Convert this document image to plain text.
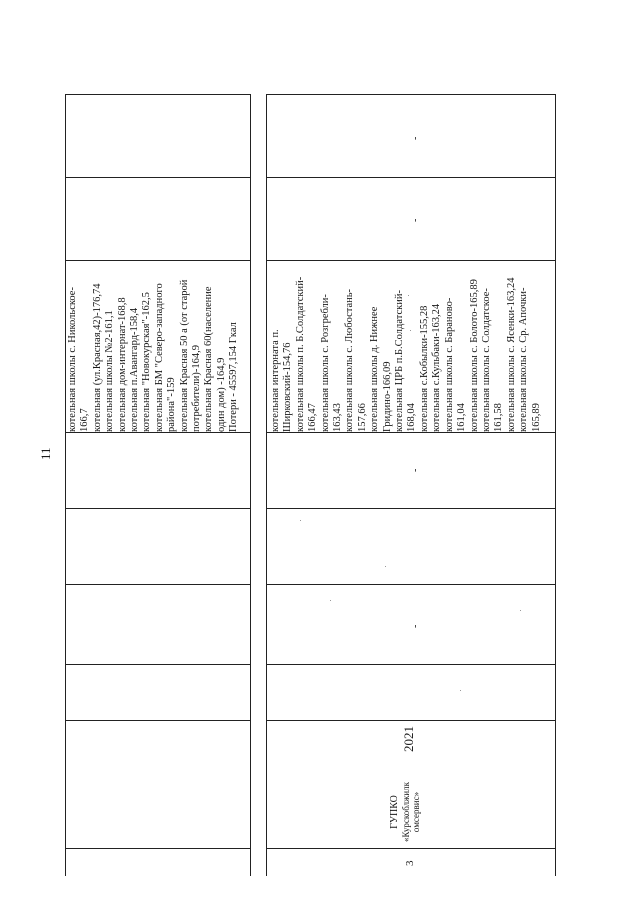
11
котельная школы с. Никольское- 166,7 котельная (ул.Красная,42)-176,74 котельная школы №2-161,1 котельная дом-интернат-168,8 котельная п.Авангард-158,4 котельная "Новокурская"-162,5 котельная БМ "Северо-западного района"-159 котельная Красная 50 а (от старой потребители)-164,9 котельная Красная 60(население один дом) -164,9 Потери - 45597,154 Гкал	котельная интерната п. Ширковский-154,76 котельная школы п. Б.Солдатский- 166,47 котельная школы с. Розгребли- 163,43 котельная школы с. Любостань- 157,66 котельная школы д. Нижнее Гридино-166,09 котельная ЦРБ п.Б.Солдатский- 168,04 котельная с.Кобылки-155,28 котельная с.Кульбаки-163,24 котельная школы с. Бараново- 161,04 котельная школы с. Болото-165,89 котельная школы с. Солдатское- 161,58 котельная школы с. Ясенки-163,24 котельная школы с. Ср. Апочки- 165,89
-
-
-
-
2021
ГУПКО «Курскоблжилк омсервис»
3
